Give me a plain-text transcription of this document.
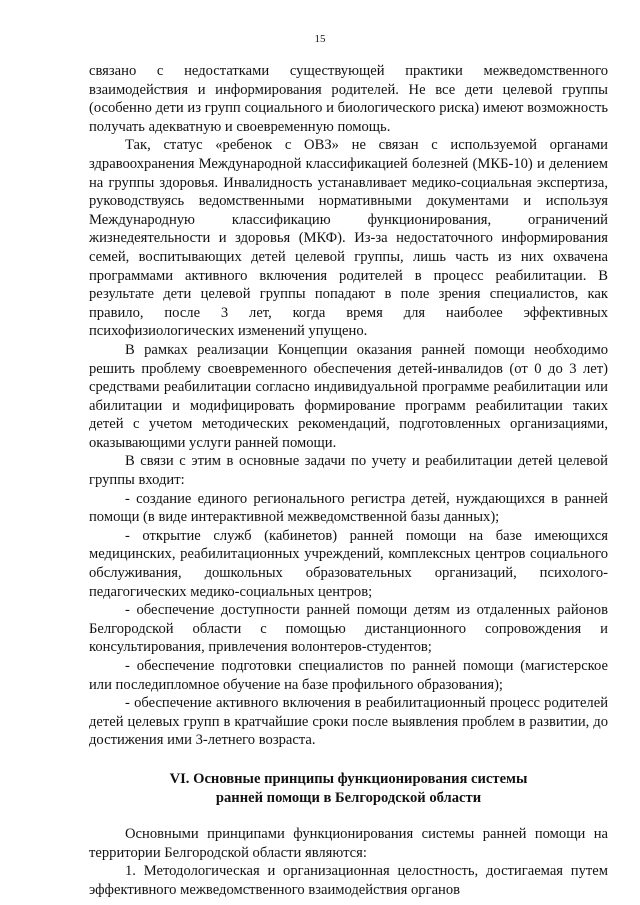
15

связано с недостатками существующей практики межведомственного взаимодействия и информирования родителей. Не все дети целевой группы (особенно дети из групп социального и биологического риска) имеют возможность получать адекватную и своевременную помощь.

Так, статус «ребенок с ОВЗ» не связан с используемой органами здравоохранения Международной классификацией болезней (МКБ-10) и делением на группы здоровья. Инвалидность устанавливает медико-социальная экспертиза, руководствуясь ведомственными нормативными документами и используя Международную классификацию функционирования, ограничений жизнедеятельности и здоровья (МКФ). Из-за недостаточного информирования семей, воспитывающих детей целевой группы, лишь часть из них охвачена программами активного включения родителей в процесс реабилитации. В результате дети целевой группы попадают в поле зрения специалистов, как правило, после 3 лет, когда время для наиболее эффективных психофизиологических изменений упущено.

В рамках реализации Концепции оказания ранней помощи необходимо решить проблему своевременного обеспечения детей-инвалидов (от 0 до 3 лет) средствами реабилитации согласно индивидуальной программе реабилитации или абилитации и модифицировать формирование программ реабилитации таких детей с учетом методических рекомендаций, подготовленных организациями, оказывающими услуги ранней помощи.

В связи с этим в основные задачи по учету и реабилитации детей целевой группы входит:

- создание единого регионального регистра детей, нуждающихся в ранней помощи (в виде интерактивной межведомственной базы данных);

- открытие служб (кабинетов) ранней помощи на базе имеющихся медицинских, реабилитационных учреждений, комплексных центров социального обслуживания, дошкольных образовательных организаций, психолого-педагогических медико-социальных центров;

- обеспечение доступности ранней помощи детям из отдаленных районов Белгородской области с помощью дистанционного сопровождения и консультирования, привлечения волонтеров-студентов;

- обеспечение подготовки специалистов по ранней помощи (магистерское или последипломное обучение на базе профильного образования);

- обеспечение активного включения в реабилитационный процесс родителей детей целевых групп в кратчайшие сроки после выявления проблем в развитии, до достижения ими 3-летнего возраста.

VI. Основные принципы функционирования системы
ранней помощи в Белгородской области

Основными принципами функционирования системы ранней помощи на территории Белгородской области являются:

1. Методологическая и организационная целостность, достигаемая путем эффективного межведомственного взаимодействия органов
